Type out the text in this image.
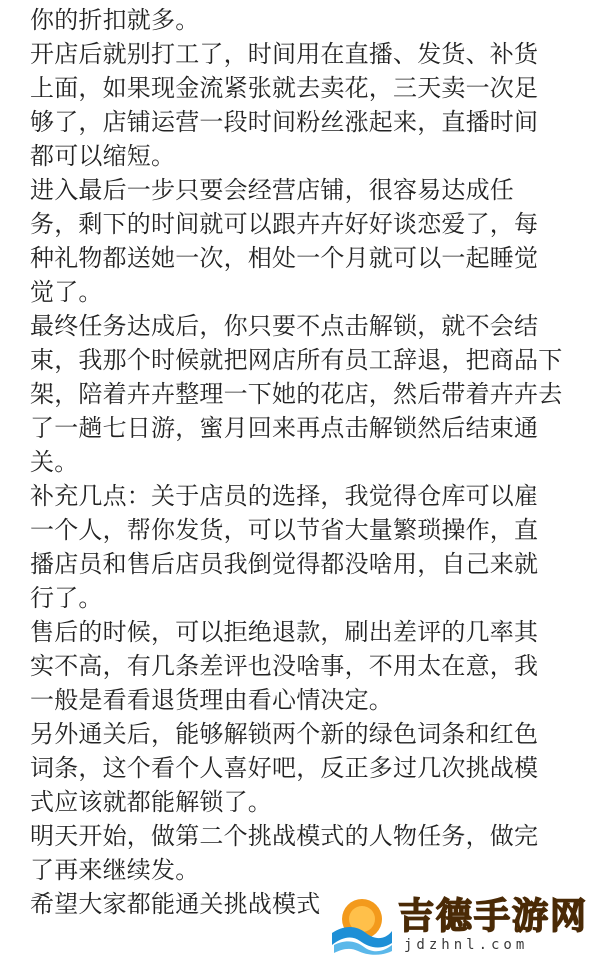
你的折扣就多。
开店后就别打工了，时间用在直播、发货、补货
上面，如果现金流紧张就去卖花，三天卖一次足
够了，店铺运营一段时间粉丝涨起来，直播时间
都可以缩短。
进入最后一步只要会经营店铺，很容易达成任
务，剩下的时间就可以跟卉卉好好谈恋爱了，每
种礼物都送她一次，相处一个月就可以一起睡觉
觉了。
最终任务达成后，你只要不点击解锁，就不会结
束，我那个时候就把网店所有员工辞退，把商品下
架，陪着卉卉整理一下她的花店，然后带着卉卉去
了一趟七日游，蜜月回来再点击解锁然后结束通
关。
补充几点：关于店员的选择，我觉得仓库可以雇
一个人，帮你发货，可以节省大量繁琐操作，直
播店员和售后店员我倒觉得都没啥用，自己来就
行了。
售后的时候，可以拒绝退款，刷出差评的几率其
实不高，有几条差评也没啥事，不用太在意，我
一般是看看退货理由看心情决定。
另外通关后，能够解锁两个新的绿色词条和红色
词条，这个看个人喜好吧，反正多过几次挑战模
式应该就都能解锁了。
明天开始，做第二个挑战模式的人物任务，做完
了再来继续发。
希望大家都能通关挑战模式	吉德手游网
jdzhnl.com
